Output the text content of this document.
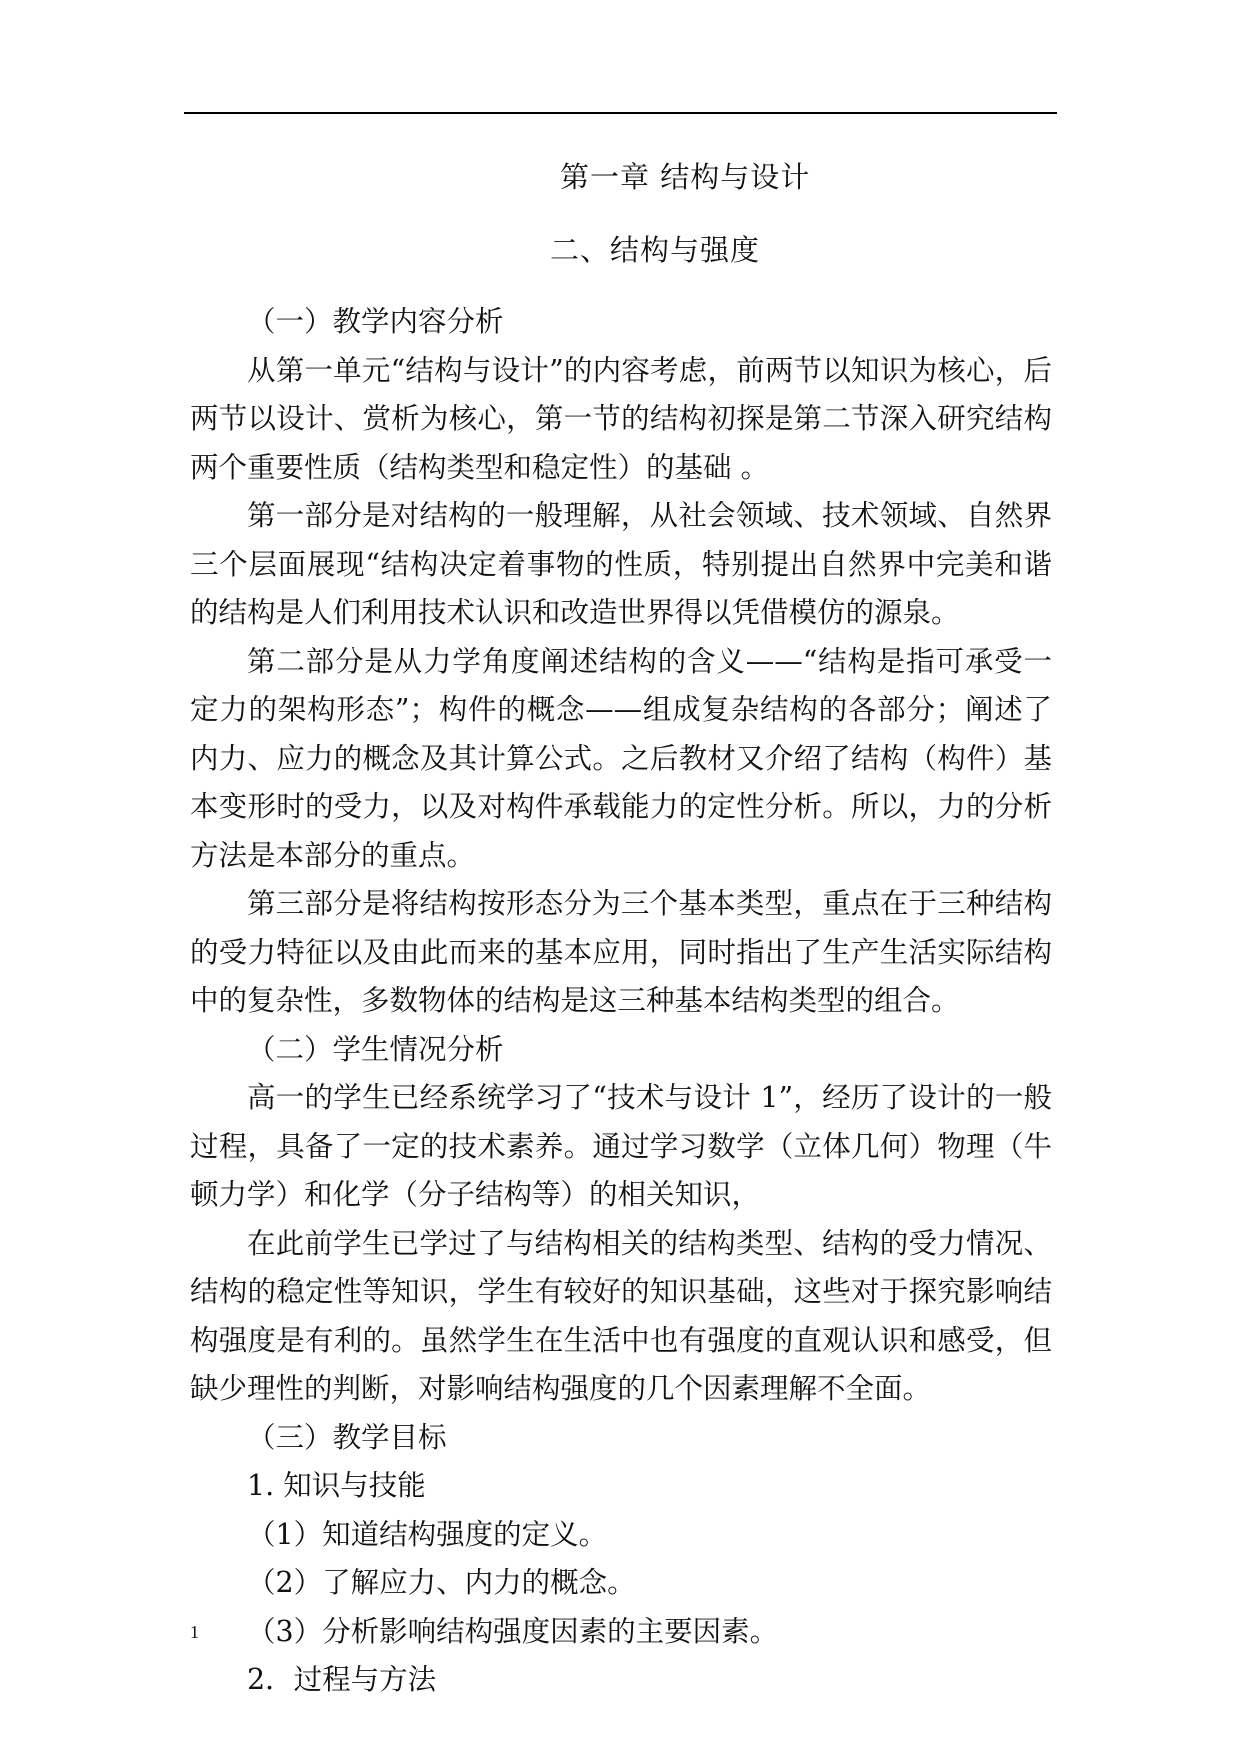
第一章 结构与设计
二、结构与强度

（一）教学内容分析

从第一单元“结构与设计”的内容考虑，前两节以知识为核心，后两节以设计、赏析为核心，第一节的结构初探是第二节深入研究结构两个重要性质（结构类型和稳定性）的基础 。

第一部分是对结构的一般理解，从社会领域、技术领域、自然界三个层面展现“结构决定着事物的性质，特别提出自然界中完美和谐的结构是人们利用技术认识和改造世界得以凭借模仿的源泉。

第二部分是从力学角度阐述结构的含义——“结构是指可承受一定力的架构形态”；构件的概念——组成复杂结构的各部分；阐述了内力、应力的概念及其计算公式。之后教材又介绍了结构（构件）基本变形时的受力，以及对构件承载能力的定性分析。所以，力的分析方法是本部分的重点。

第三部分是将结构按形态分为三个基本类型，重点在于三种结构的受力特征以及由此而来的基本应用，同时指出了生产生活实际结构中的复杂性，多数物体的结构是这三种基本结构类型的组合。

（二）学生情况分析

高一的学生已经系统学习了“技术与设计 1”，经历了设计的一般过程，具备了一定的技术素养。通过学习数学（立体几何）物理（牛顿力学）和化学（分子结构等）的相关知识，

在此前学生已学过了与结构相关的结构类型、结构的受力情况、结构的稳定性等知识，学生有较好的知识基础，这些对于探究影响结构强度是有利的。虽然学生在生活中也有强度的直观认识和感受，但缺少理性的判断，对影响结构强度的几个因素理解不全面。

（三）教学目标

1. 知识与技能

（1）知道结构强度的定义。

（2）了解应力、内力的概念。

（3）分析影响结构强度因素的主要因素。

2．过程与方法

1
